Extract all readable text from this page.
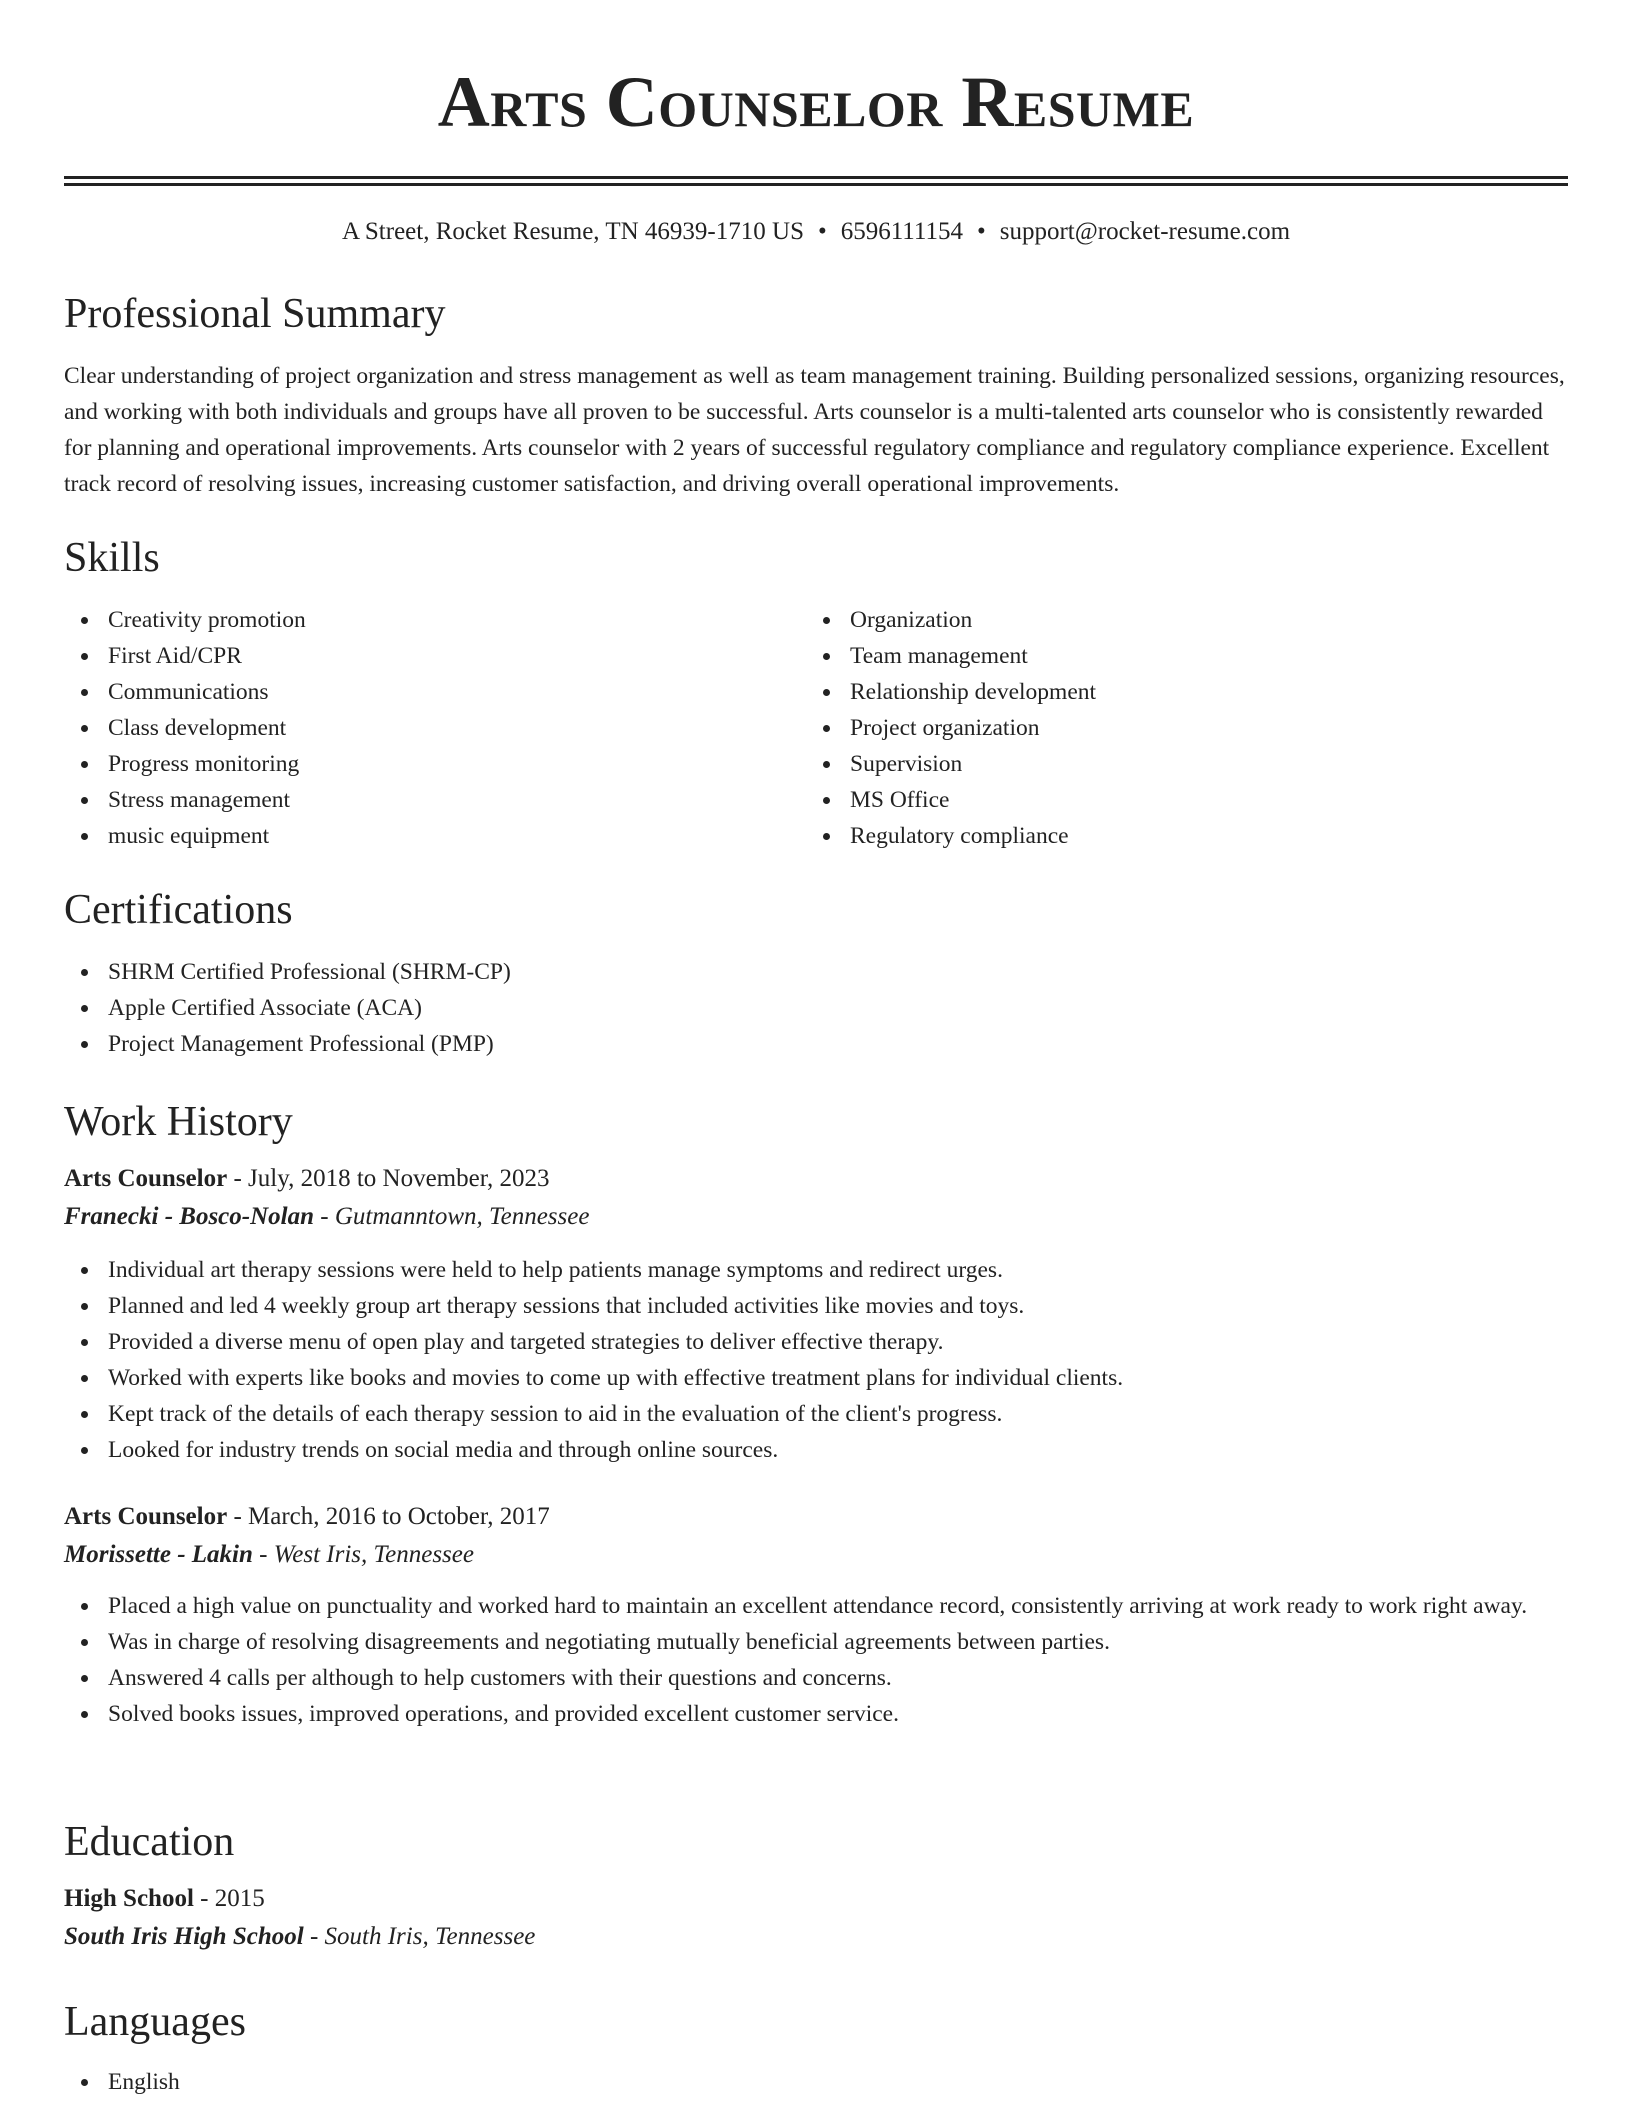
Arts Counselor Resume
A Street, Rocket Resume, TN 46939-1710 US • 6596111154 • support@rocket-resume.com
Professional Summary

Clear understanding of project organization and stress management as well as team management training. Building personalized sessions, organizing resources, and working with both individuals and groups have all proven to be successful. Arts counselor is a multi-talented arts counselor who is consistently rewarded for planning and operational improvements. Arts counselor with 2 years of successful regulatory compliance and regulatory compliance experience. Excellent track record of resolving issues, increasing customer satisfaction, and driving overall operational improvements.

Skills
Creativity promotion
First Aid/CPR
Communications
Class development
Progress monitoring
Stress management
music equipment
Organization
Team management
Relationship development
Project organization
Supervision
MS Office
Regulatory compliance
Certifications
SHRM Certified Professional (SHRM-CP)
Apple Certified Associate (ACA)
Project Management Professional (PMP)
Work History
Arts Counselor - July, 2018 to November, 2023
Franecki - Bosco-Nolan - Gutmanntown, Tennessee
Individual art therapy sessions were held to help patients manage symptoms and redirect urges.
Planned and led 4 weekly group art therapy sessions that included activities like movies and toys.
Provided a diverse menu of open play and targeted strategies to deliver effective therapy.
Worked with experts like books and movies to come up with effective treatment plans for individual clients.
Kept track of the details of each therapy session to aid in the evaluation of the client's progress.
Looked for industry trends on social media and through online sources.
Arts Counselor - March, 2016 to October, 2017
Morissette - Lakin - West Iris, Tennessee
Placed a high value on punctuality and worked hard to maintain an excellent attendance record, consistently arriving at work ready to work right away.
Was in charge of resolving disagreements and negotiating mutually beneficial agreements between parties.
Answered 4 calls per although to help customers with their questions and concerns.
Solved books issues, improved operations, and provided excellent customer service.
Education
High School - 2015
South Iris High School - South Iris, Tennessee
Languages
English
